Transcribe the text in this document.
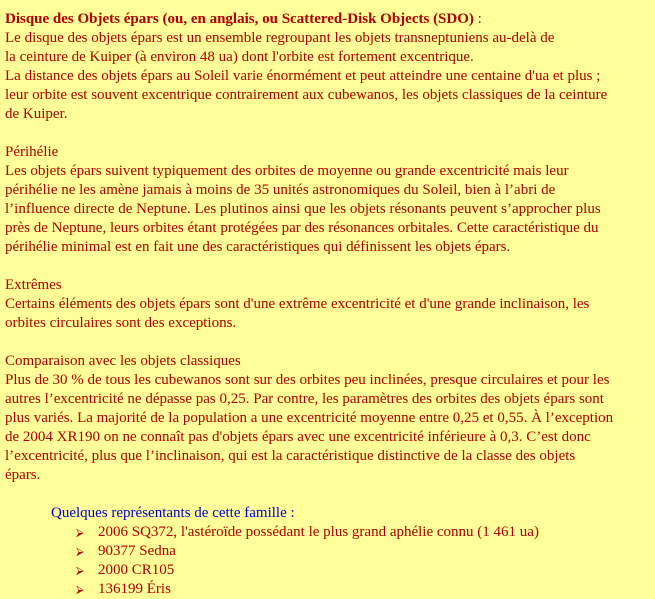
Disque des Objets épars (ou, en anglais, ou Scattered-Disk Objects (SDO) :
Le disque des objets épars est un ensemble regroupant les objets transneptuniens au-delà de
la ceinture de Kuiper (à environ 48 ua) dont l'orbite est fortement excentrique.
La distance des objets épars au Soleil varie énormément et peut atteindre une centaine d'ua et plus ;
leur orbite est souvent excentrique contrairement aux cubewanos, les objets classiques de la ceinture
de Kuiper.
Périhélie
Les objets épars suivent typiquement des orbites de moyenne ou grande excentricité mais leur
périhélie ne les amène jamais à moins de 35 unités astronomiques du Soleil, bien à l’abri de
l’influence directe de Neptune. Les plutinos ainsi que les objets résonants peuvent s’approcher plus
près de Neptune, leurs orbites étant protégées par des résonances orbitales. Cette caractéristique du
périhélie minimal est en fait une des caractéristiques qui définissent les objets épars.
Extrêmes
Certains éléments des objets épars sont d'une extrême excentricité et d'une grande inclinaison, les
orbites circulaires sont des exceptions.
Comparaison avec les objets classiques
Plus de 30 % de tous les cubewanos sont sur des orbites peu inclinées, presque circulaires et pour les
autres l’excentricité ne dépasse pas 0,25. Par contre, les paramètres des orbites des objets épars sont
plus variés. La majorité de la population a une excentricité moyenne entre 0,25 et 0,55. À l’exception
de 2004 XR190 on ne connaît pas d'objets épars avec une excentricité inférieure à 0,3. C’est donc
l’excentricité, plus que l’inclinaison, qui est la caractéristique distinctive de la classe des objets
épars.
Quelques représentants de cette famille :
⮚ 2006 SQ372, l'astéroïde possédant le plus grand aphélie connu (1 461 ua)
⮚ 90377 Sedna
⮚ 2000 CR105
⮚ 136199 Éris
